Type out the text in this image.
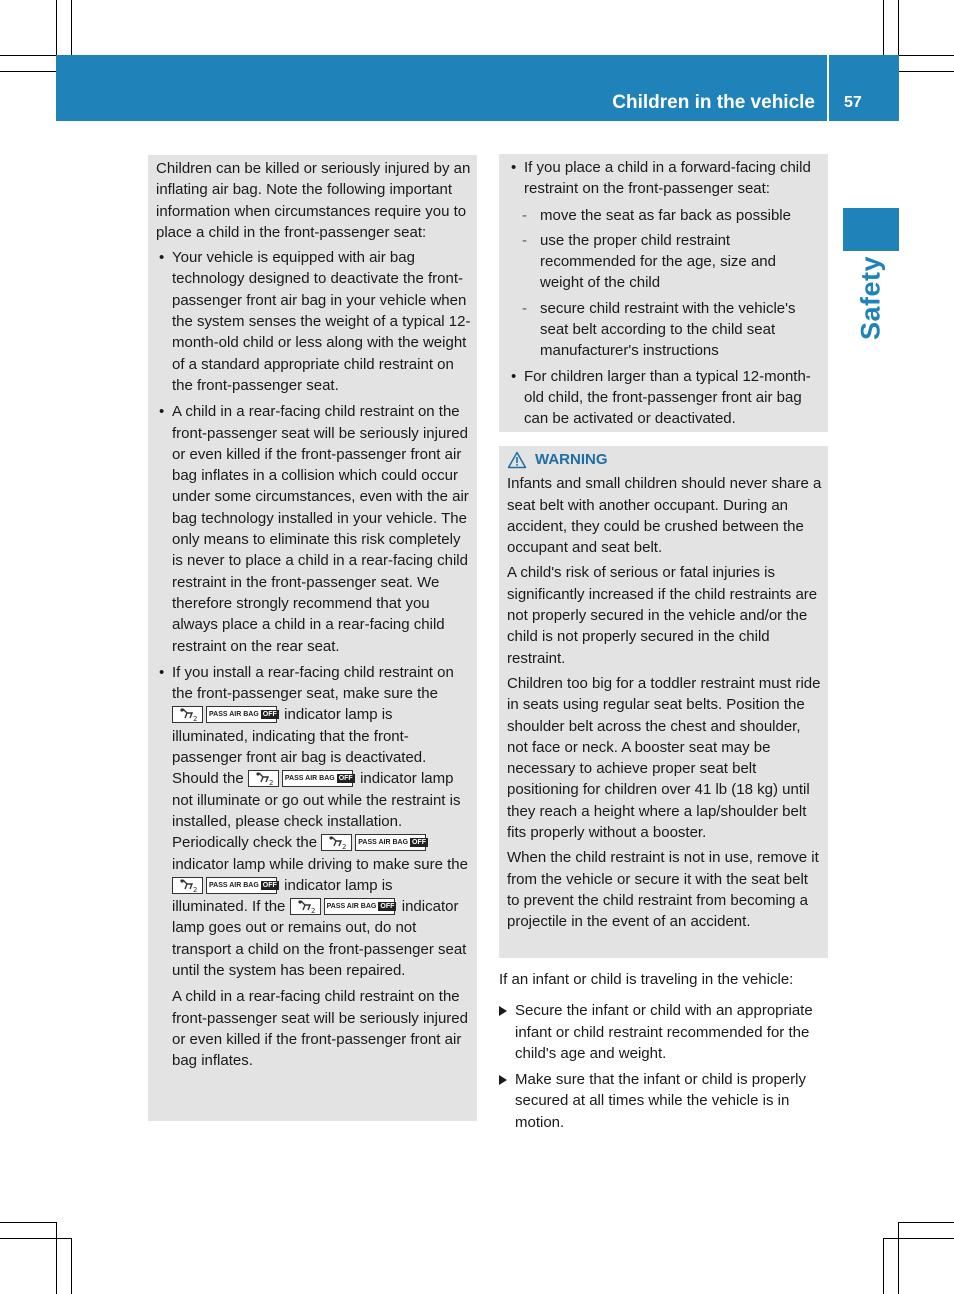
Children in the vehicle 57
Safety

Children can be killed or seriously injured by an inflating air bag. Note the following important information when circumstances require you to place a child in the front-passenger seat:

• Your vehicle is equipped with air bag technology designed to deactivate the front-passenger front air bag in your vehicle when the system senses the weight of a typical 12-month-old child or less along with the weight of a standard appropriate child restraint on the front-passenger seat.
• A child in a rear-facing child restraint on the front-passenger seat will be seriously injured or even killed if the front-passenger front air bag inflates in a collision which could occur under some circumstances, even with the air bag technology installed in your vehicle. The only means to eliminate this risk completely is never to place a child in a rear-facing child restraint in the front-passenger seat. We therefore strongly recommend that you always place a child in a rear-facing child restraint on the rear seat.
• If you install a rear-facing child restraint on the front-passenger seat, make sure the
2
PASS AIR BAG OFF indicator lamp is illuminated, indicating that the front-passenger front air bag is deactivated. Should the	2
PASS AIR BAG OFF indicator lamp not illuminate or go out while the restraint is installed, please check installation. Periodically check the	2
PASS AIR BAG OFF
indicator lamp while driving to make sure the
2
PASS AIR BAG OFF indicator lamp is illuminated. If the	2
PASS AIR BAG OFF indicator lamp goes out or remains out, do not transport a child on the front-passenger seat until the system has been repaired.

A child in a rear-facing child restraint on the front-passenger seat will be seriously injured or even killed if the front-passenger front air bag inflates.

• If you place a child in a forward-facing child restraint on the front-passenger seat:
- move the seat as far back as possible
- use the proper child restraint recommended for the age, size and weight of the child
- secure child restraint with the vehicle's seat belt according to the child seat manufacturer's instructions
• For children larger than a typical 12-month-old child, the front-passenger front air bag can be activated or deactivated.
WARNING

Infants and small children should never share a seat belt with another occupant. During an accident, they could be crushed between the occupant and seat belt.

A child's risk of serious or fatal injuries is significantly increased if the child restraints are not properly secured in the vehicle and/or the child is not properly secured in the child restraint.

Children too big for a toddler restraint must ride in seats using regular seat belts. Position the shoulder belt across the chest and shoulder, not face or neck. A booster seat may be necessary to achieve proper seat belt positioning for children over 41 lb (18 kg) until they reach a height where a lap/shoulder belt fits properly without a booster.

When the child restraint is not in use, remove it from the vehicle or secure it with the seat belt to prevent the child restraint from becoming a projectile in the event of an accident.

If an infant or child is traveling in the vehicle:

Secure the infant or child with an appropriate infant or child restraint recommended for the child's age and weight.
Make sure that the infant or child is properly secured at all times while the vehicle is in motion.
